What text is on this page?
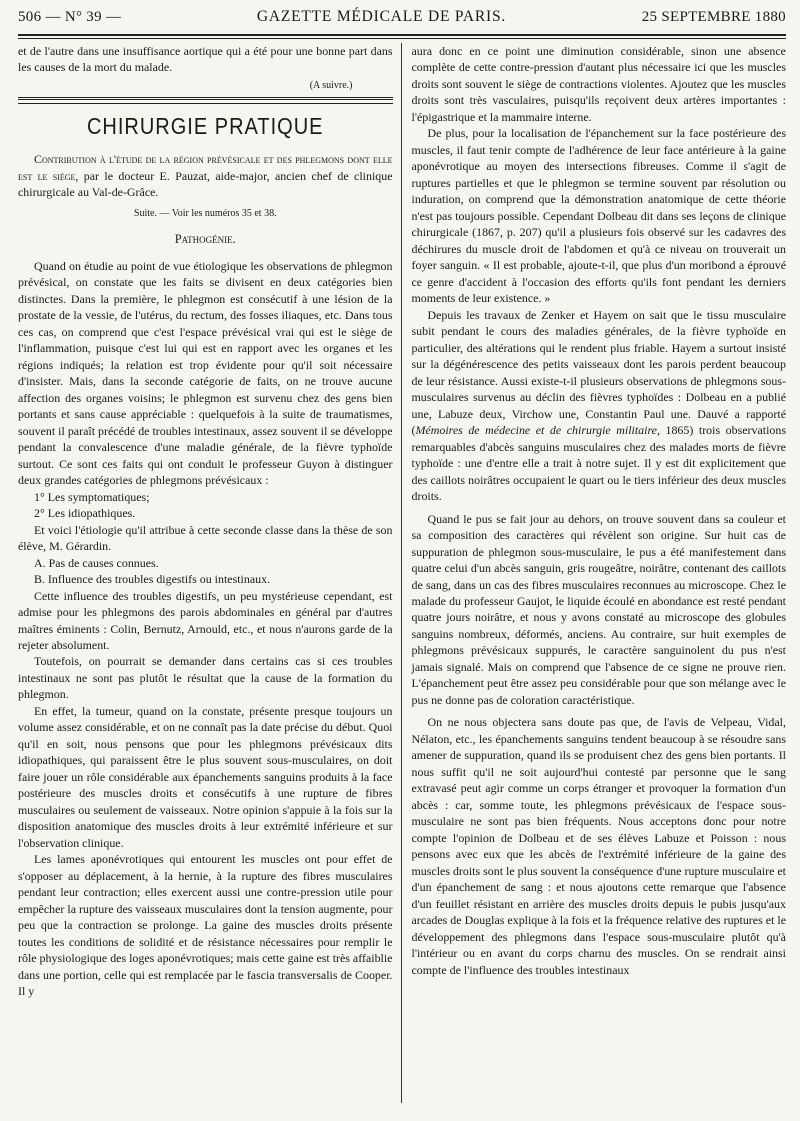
506 — N° 39 —	GAZETTE MÉDICALE DE PARIS.	25 SEPTEMBRE 1880

et de l'autre dans une insuffisance aortique qui a été pour une bonne part dans les causes de la mort du malade.

(A suivre.)
CHIRURGIE PRATIQUE

Contribution à l'étude de la région prévésicale et des phlegmons dont elle est le siège, par le docteur E. Pauzat, aide-major, ancien chef de clinique chirurgicale au Val-de-Grâce.

Suite. — Voir les numéros 35 et 38.
Pathogénie.

Quand on étudie au point de vue étiologique les observations de phlegmon prévésical, on constate que les faits se divisent en deux catégories bien distinctes. Dans la première, le phlegmon est consécutif à une lésion de la prostate de la vessie, de l'utérus, du rectum, des fosses iliaques, etc. Dans tous ces cas, on comprend que c'est l'espace prévésical vrai qui est le siège de l'inflammation, puisque c'est lui qui est en rapport avec les organes et les régions indiqués; la relation est trop évidente pour qu'il soit nécessaire d'insister. Mais, dans la seconde catégorie de faits, on ne trouve aucune affection des organes voisins; le phlegmon est survenu chez des gens bien portants et sans cause appréciable : quelquefois à la suite de traumatismes, souvent il paraît précédé de troubles intestinaux, assez souvent il se développe pendant la convalescence d'une maladie générale, de la fièvre typhoïde surtout. Ce sont ces faits qui ont conduit le professeur Guyon à distinguer deux grandes catégories de phlegmons prévésicaux :

1° Les symptomatiques;

2° Les idiopathiques.

Et voici l'étiologie qu'il attribue à cette seconde classe dans la thèse de son élève, M. Gérardin.

A. Pas de causes connues.

B. Influence des troubles digestifs ou intestinaux.

Cette influence des troubles digestifs, un peu mystérieuse cependant, est admise pour les phlegmons des parois abdominales en général par d'autres maîtres éminents : Colin, Bernutz, Arnould, etc., et nous n'aurons garde de la rejeter absolument.

Toutefois, on pourrait se demander dans certains cas si ces troubles intestinaux ne sont pas plutôt le résultat que la cause de la formation du phlegmon.

En effet, la tumeur, quand on la constate, présente presque toujours un volume assez considérable, et on ne connaît pas la date précise du début. Quoi qu'il en soit, nous pensons que pour les phlegmons prévésicaux dits idiopathiques, qui paraissent être le plus souvent sous-musculaires, on doit faire jouer un rôle considérable aux épanchements sanguins produits à la face postérieure des muscles droits et consécutifs à une rupture de fibres musculaires ou seulement de vaisseaux. Notre opinion s'appuie à la fois sur la disposition anatomique des muscles droits à leur extrémité inférieure et sur l'observation clinique.

Les lames aponévrotiques qui entourent les muscles ont pour effet de s'opposer au déplacement, à la hernie, à la rupture des fibres musculaires pendant leur contraction; elles exercent aussi une contre-pression utile pour empêcher la rupture des vaisseaux musculaires dont la tension augmente, pour peu que la contraction se prolonge. La gaine des muscles droits présente toutes les conditions de solidité et de résistance nécessaires pour remplir le rôle physiologique des loges aponévrotiques; mais cette gaine est très affaiblie dans une portion, celle qui est remplacée par le fascia transversalis de Cooper. Il y

aura donc en ce point une diminution considérable, sinon une absence complète de cette contre-pression d'autant plus nécessaire ici que les muscles droits sont souvent le siège de contractions violentes. Ajoutez que les muscles droits sont très vasculaires, puisqu'ils reçoivent deux artères importantes : l'épigastrique et la mammaire interne.

De plus, pour la localisation de l'épanchement sur la face postérieure des muscles, il faut tenir compte de l'adhérence de leur face antérieure à la gaine aponévrotique au moyen des intersections fibreuses. Comme il s'agit de ruptures partielles et que le phlegmon se termine souvent par résolution ou induration, on comprend que la démonstration anatomique de cette théorie n'est pas toujours possible. Cependant Dolbeau dit dans ses leçons de clinique chirurgicale (1867, p. 207) qu'il a plusieurs fois observé sur les cadavres des déchirures du muscle droit de l'abdomen et qu'à ce niveau on trouverait un foyer sanguin. « Il est probable, ajoute-t-il, que plus d'un moribond a éprouvé ce genre d'accident à l'occasion des efforts qu'ils font pendant les derniers moments de leur existence. »

Depuis les travaux de Zenker et Hayem on sait que le tissu musculaire subit pendant le cours des maladies générales, de la fièvre typhoïde en particulier, des altérations qui le rendent plus friable. Hayem a surtout insisté sur la dégénérescence des petits vaisseaux dont les parois perdent beaucoup de leur résistance. Aussi existe-t-il plusieurs observations de phlegmons sous-musculaires survenus au déclin des fièvres typhoïdes : Dolbeau en a publié une, Labuze deux, Virchow une, Constantin Paul une. Dauvé a rapporté (Mémoires de médecine et de chirurgie militaire, 1865) trois observations remarquables d'abcès sanguins musculaires chez des malades morts de fièvre typhoïde : une d'entre elle a trait à notre sujet. Il y est dit explicitement que des caillots noirâtres occupaient le quart ou le tiers inférieur des deux muscles droits.

Quand le pus se fait jour au dehors, on trouve souvent dans sa couleur et sa composition des caractères qui révèlent son origine. Sur huit cas de suppuration de phlegmon sous-musculaire, le pus a été manifestement dans quatre celui d'un abcès sanguin, gris rougeâtre, noirâtre, contenant des caillots de sang, dans un cas des fibres musculaires reconnues au microscope. Chez le malade du professeur Gaujot, le liquide écoulé en abondance est resté pendant quatre jours noirâtre, et nous y avons constaté au microscope des globules sanguins nombreux, déformés, anciens. Au contraire, sur huit exemples de phlegmons prévésicaux suppurés, le caractère sanguinolent du pus n'est jamais signalé. Mais on comprend que l'absence de ce signe ne prouve rien. L'épanchement peut être assez peu considérable pour que son mélange avec le pus ne donne pas de coloration caractéristique.

On ne nous objectera sans doute pas que, de l'avis de Velpeau, Vidal, Nélaton, etc., les épanchements sanguins tendent beaucoup à se résoudre sans amener de suppuration, quand ils se produisent chez des gens bien portants. Il nous suffit qu'il ne soit aujourd'hui contesté par personne que le sang extravasé peut agir comme un corps étranger et provoquer la formation d'un abcès : car, somme toute, les phlegmons prévésicaux de l'espace sous-musculaire ne sont pas bien fréquents. Nous acceptons donc pour notre compte l'opinion de Dolbeau et de ses élèves Labuze et Poisson : nous pensons avec eux que les abcès de l'extrémité inférieure de la gaine des muscles droits sont le plus souvent la conséquence d'une rupture musculaire et d'un épanchement de sang : et nous ajoutons cette remarque que l'absence d'un feuillet résistant en arrière des muscles droits depuis le pubis jusqu'aux arcades de Douglas explique à la fois et la fréquence relative des ruptures et le développement des phlegmons dans l'espace sous-musculaire plutôt qu'à l'intérieur ou en avant du corps charnu des muscles. On se rendrait ainsi compte de l'influence des troubles intestinaux
